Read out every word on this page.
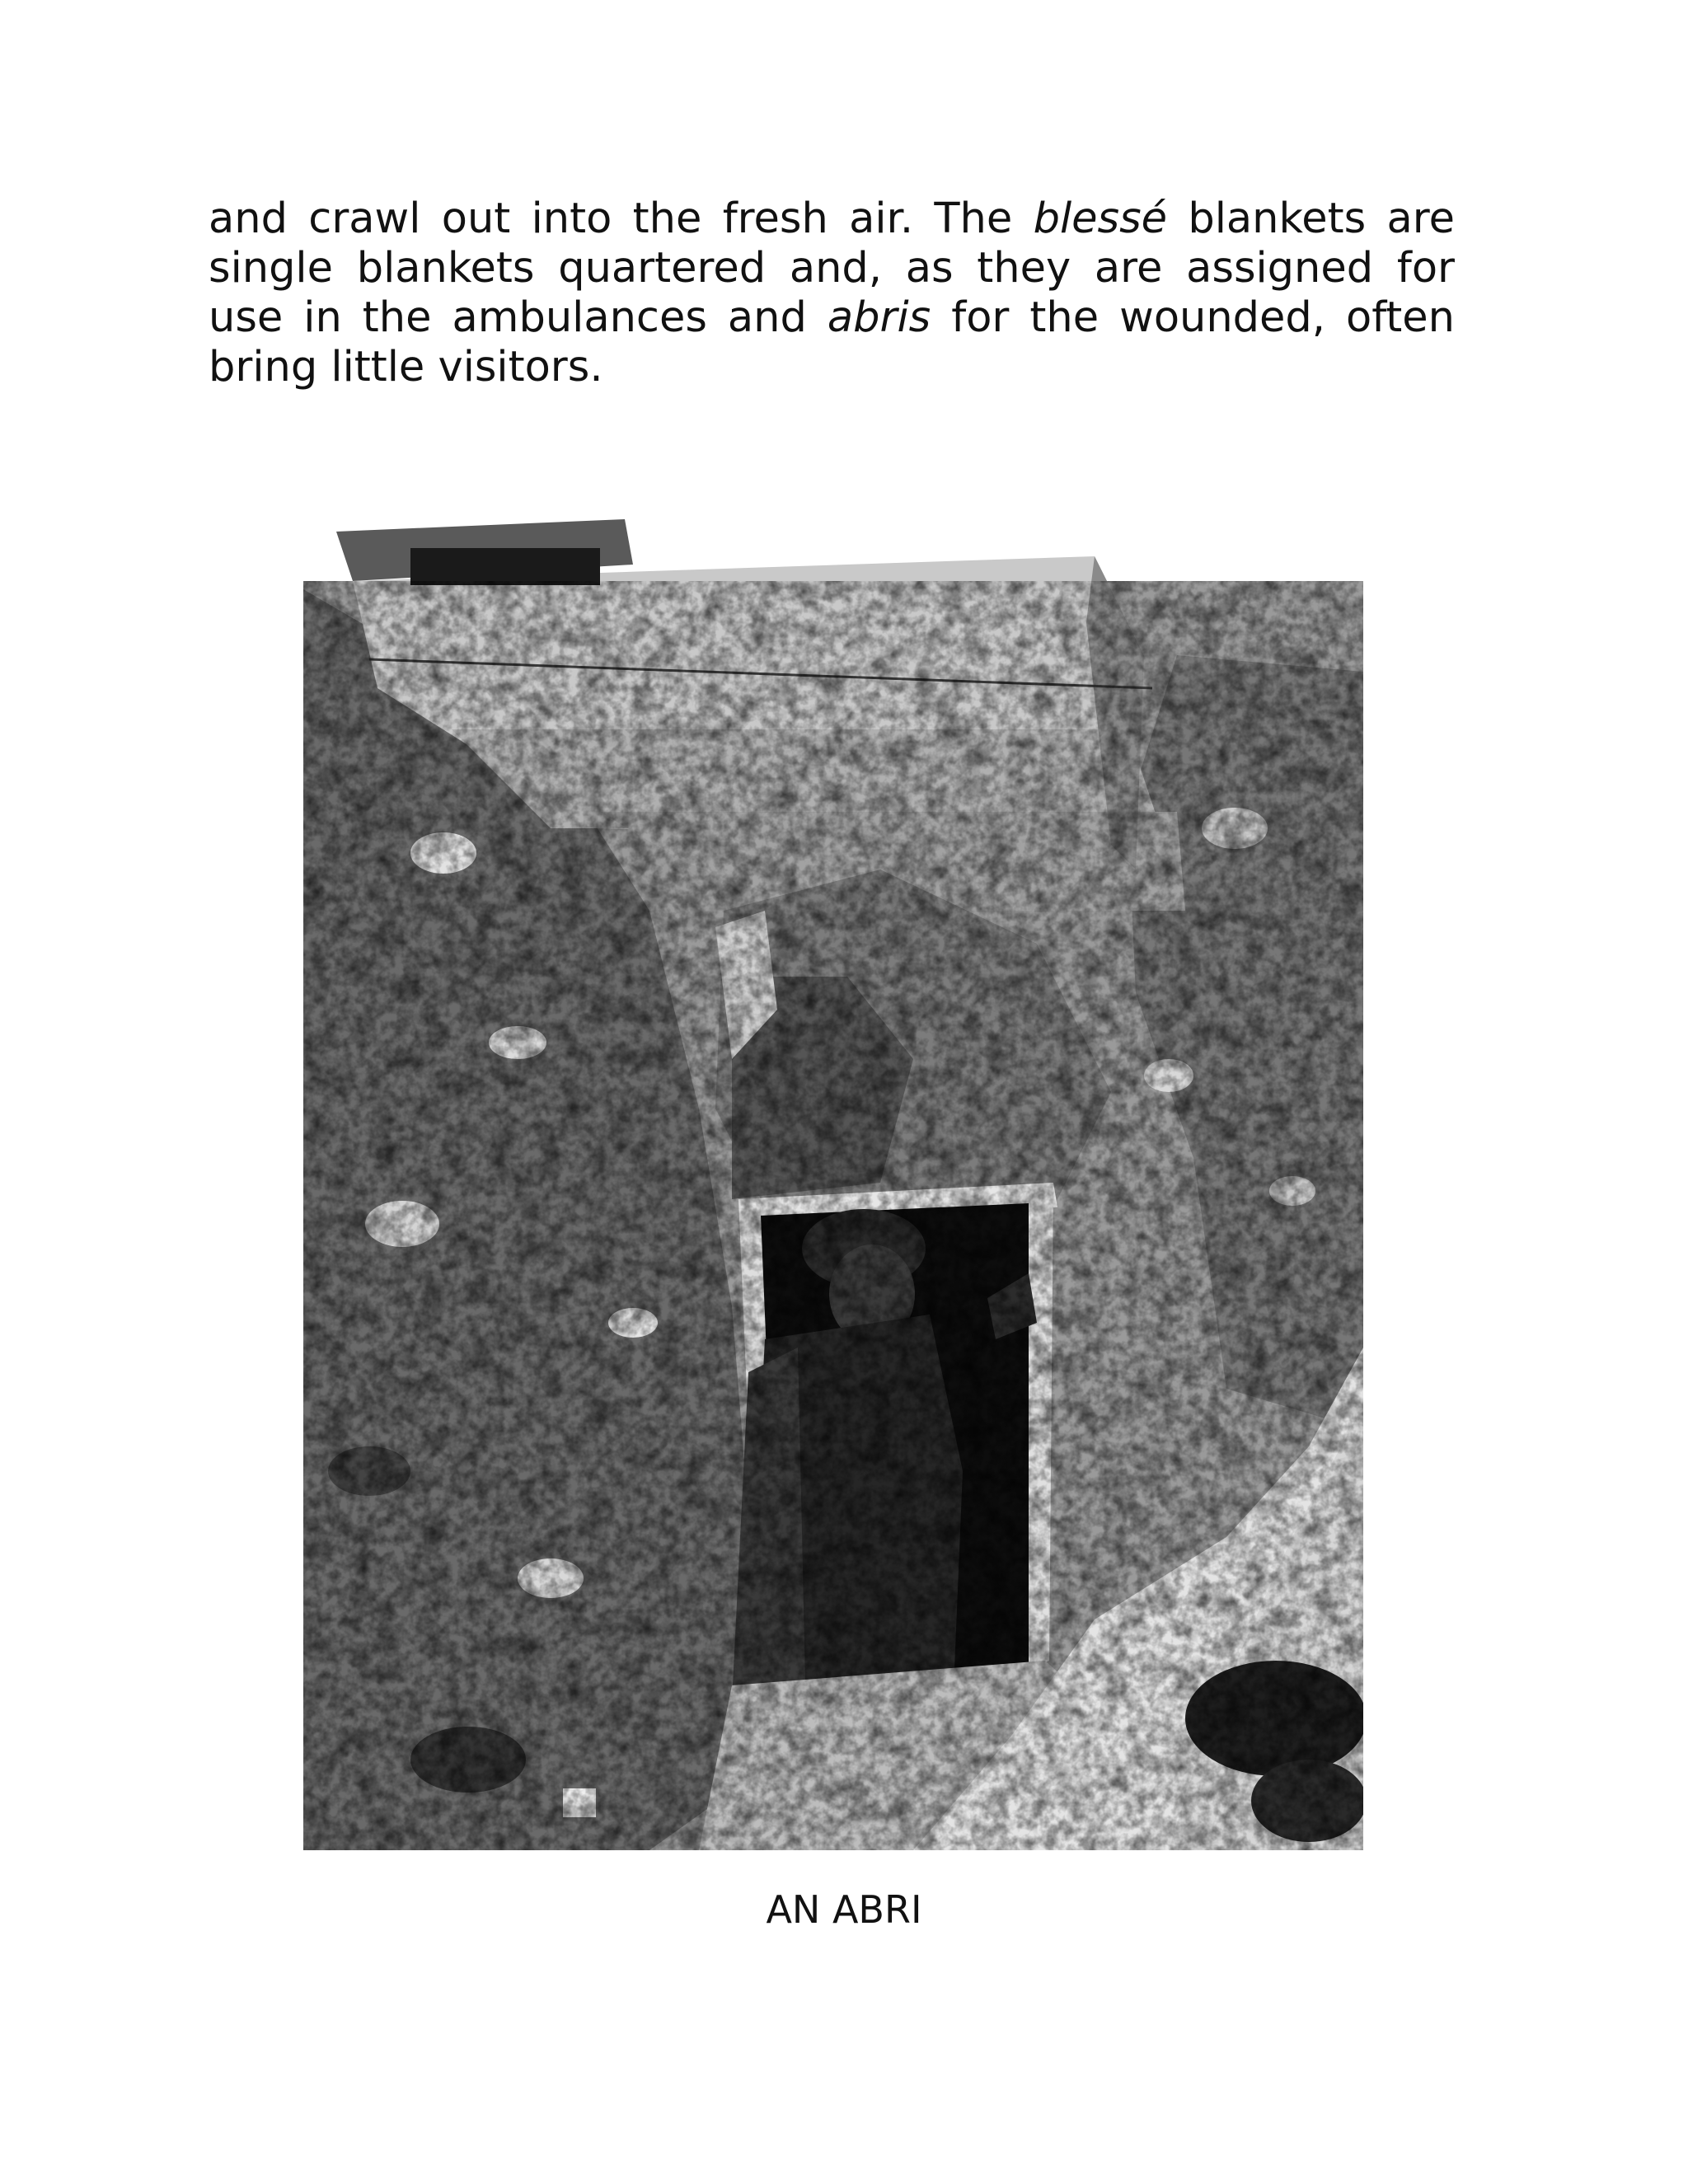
and crawl out into the fresh air. The blessé blankets are single blankets quartered and, as they are assigned for use in the ambulances and abris for the wounded, often bring little visitors.

AN ABRI
